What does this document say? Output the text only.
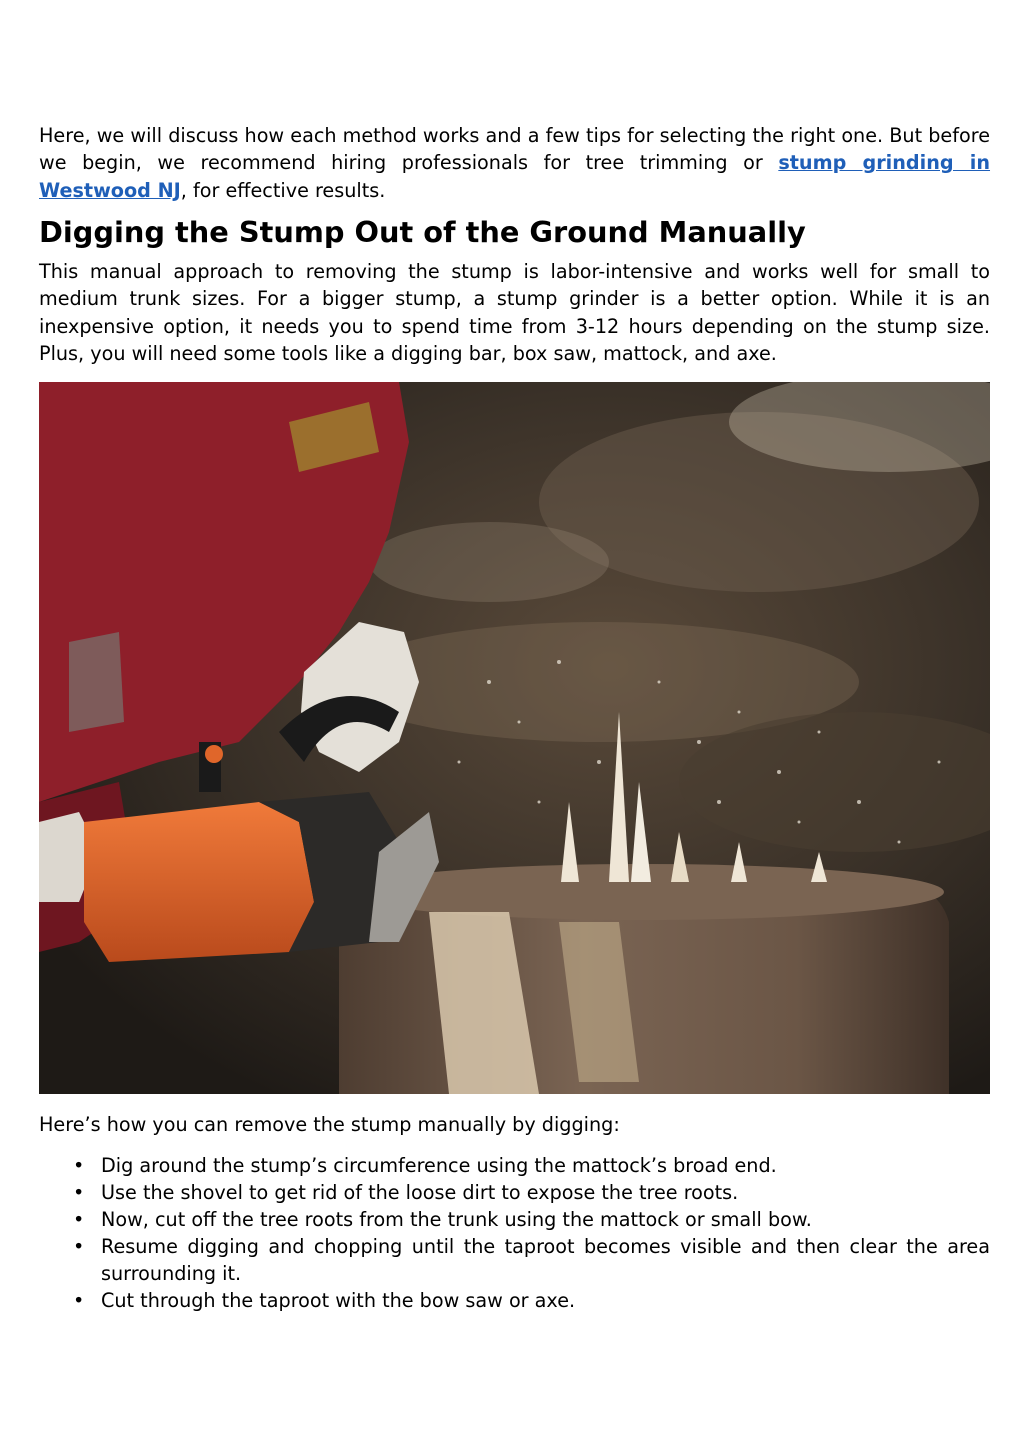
Here, we will discuss how each method works and a few tips for selecting the right one. But before we begin, we recommend hiring professionals for tree trimming or stump grinding in Westwood NJ, for effective results.

Digging the Stump Out of the Ground Manually

This manual approach to removing the stump is labor-intensive and works well for small to medium trunk sizes. For a bigger stump, a stump grinder is a better option. While it is an inexpensive option, it needs you to spend time from 3-12 hours depending on the stump size. Plus, you will need some tools like a digging bar, box saw, mattock, and axe.

Here’s how you can remove the stump manually by digging:

• Dig around the stump’s circumference using the mattock’s broad end.
• Use the shovel to get rid of the loose dirt to expose the tree roots.
• Now, cut off the tree roots from the trunk using the mattock or small bow.
• Resume digging and chopping until the taproot becomes visible and then clear the area surrounding it.
• Cut through the taproot with the bow saw or axe.
